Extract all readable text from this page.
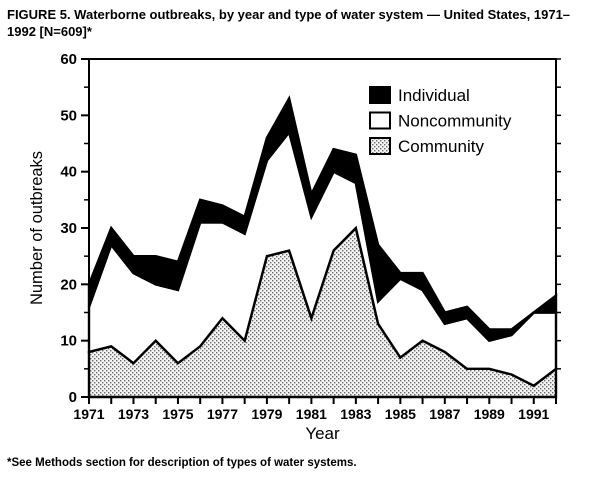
FIGURE 5. Waterborne outbreaks, by year and type of water system — United States, 1971–1992 [N=609]*
0
10
20
30
40
50
60
1971 1973 1975 1977 1979 1981 1983 1985 1987 1989 1991
Year
Number of outbreaks
Individual
Noncommunity
Community
*See Methods section for description of types of water systems.
